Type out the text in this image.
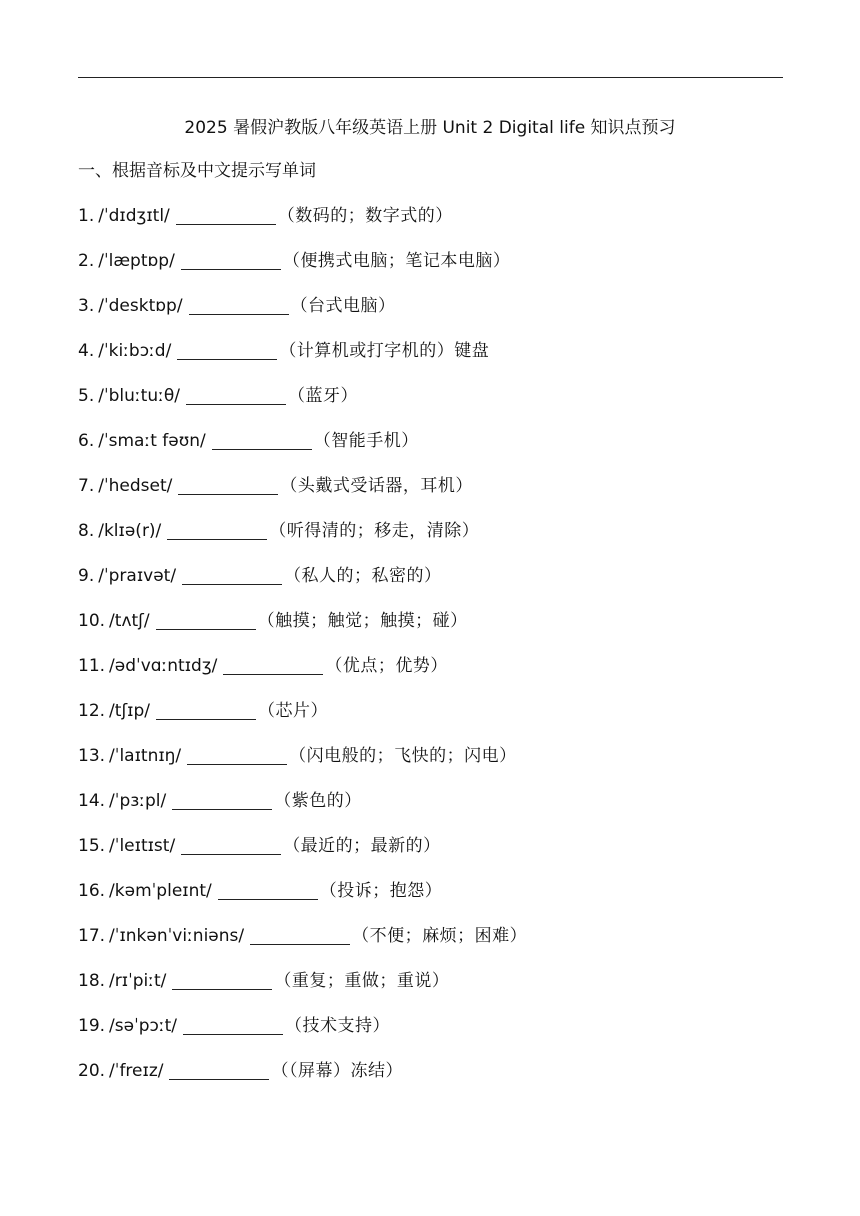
2025 暑假沪教版八年级英语上册 Unit 2 Digital life 知识点预习
一、根据音标及中文提示写单词
1. /ˈdɪdʒɪtl/	（数码的；数字式的）
2. /ˈlæptɒp/	（便携式电脑；笔记本电脑）
3. /ˈdesktɒp/	（台式电脑）
4. /ˈkiːbɔːd/	（计算机或打字机的）键盘
5. /ˈbluːtuːθ/	（蓝牙）
6. /ˈsmaːt fəʊn/	（智能手机）
7. /ˈhedset/	（头戴式受话器，耳机）
8. /klɪə(r)/	（听得清的；移走，清除）
9. /ˈpraɪvət/	（私人的；私密的）
10. /tʌtʃ/	（触摸；触觉；触摸；碰）
11. /ədˈvɑːntɪdʒ/	（优点；优势）
12. /tʃɪp/	（芯片）
13. /ˈlaɪtnɪŋ/	（闪电般的；飞快的；闪电）
14. /ˈpɜːpl/	（紫色的）
15. /ˈleɪtɪst/	（最近的；最新的）
16. /kəmˈpleɪnt/	（投诉；抱怨）
17. /ˈɪnkənˈviːniəns/	（不便；麻烦；困难）
18. /rɪˈpiːt/	（重复；重做；重说）
19. /səˈpɔːt/	（技术支持）
20. /ˈfreɪz/	（（屏幕）冻结）
